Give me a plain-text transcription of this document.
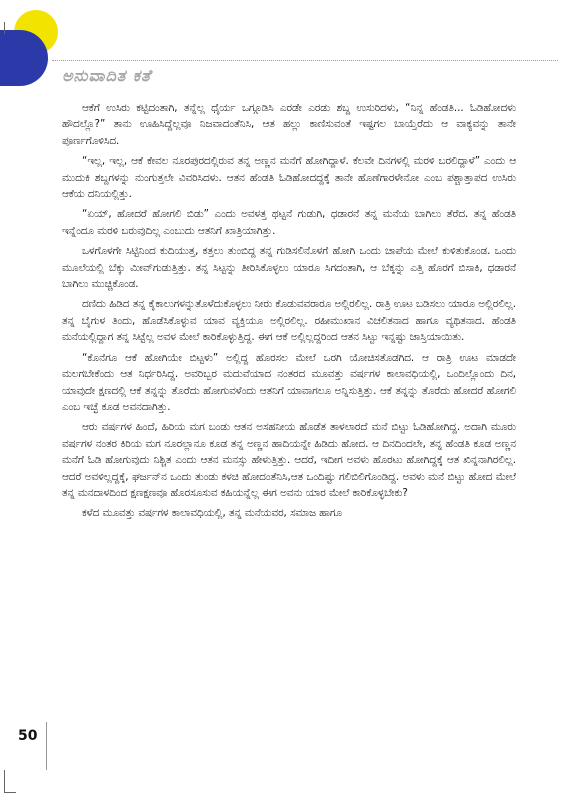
ಅನುವಾದಿತ ಕತೆ

ಆಕೆಗೆ ಉಸಿರು ಕಟ್ಟಿದಂತಾಗಿ, ತನ್ನೆಲ್ಲ ಧೈರ್ಯ ಒಗ್ಗೂಡಿಸಿ ಎರಡೇ ಎರಡು ಶಬ್ದ ಉಸುರಿದಳು, “ನಿನ್ನ ಹೆಂಡತಿ... ಓಡಿಹೋದಳು ಹೌದಲ್ಲೊ?” ತಾನು ಊಹಿಸಿದ್ದೆಲ್ಲವೂ ನಿಜವಾದಂತೆನಿಸಿ, ಆತ ಹಲ್ಲು ಕಾಣಿಸುವಂತೆ ಇಷ್ಟಗಲ ಬಾಯ್ತೆರೆದು ಆ ವಾಕ್ಯವನ್ನು ತಾನೇ ಪೂರ್ಣಗೊಳಿಸಿದ.

“ಇಲ್ಲ, ಇಲ್ಲ, ಆಕೆ ಕೇವಲ ನೂರಪುರದಲ್ಲಿರುವ ತನ್ನ ಅಣ್ಣನ ಮನೆಗೆ ಹೋಗಿದ್ದಾಳೆ. ಕೆಲವೇ ದಿನಗಳಲ್ಲಿ ಮರಳಿ ಬರಲಿದ್ದಾಳೆ” ಎಂದು ಆ ಮುದುಕಿ ಶಬ್ದಗಳನ್ನು ನುಂಗುತ್ತಲೇ ವಿವರಿಸಿದಳು. ಆತನ ಹೆಂಡತಿ ಓಡಿಹೋದದ್ದಕ್ಕೆ ತಾನೇ ಹೊಣೆಗಾರಳೇನೋ ಎಂಬ ಪಶ್ಚಾತ್ತಾಪದ ಉಸಿರು ಆಕೆಯ ದನಿಯಲ್ಲಿತ್ತು.

“ಏಯ್, ಹೋದರೆ ಹೋಗಲಿ ಬಿಡು” ಎಂದು ಅವಳತ್ತ ಥಟ್ಟನೆ ಗುಡುಗಿ, ಧಡಾರನೆ ತನ್ನ ಮನೆಯ ಬಾಗಿಲು ತೆರೆದ. ತನ್ನ ಹೆಂಡತಿ ಇನ್ನೆಂದೂ ಮರಳಿ ಬರುವುದಿಲ್ಲ ಎಂಬುದು ಆತನಿಗೆ ಖಾತ್ರಿಯಾಗಿತ್ತು.

ಒಳಗೊಳಗೇ ಸಿಟ್ಟಿನಿಂದ ಕುದಿಯುತ್ತ, ಕತ್ತಲು ತುಂಬಿದ್ದ ತನ್ನ ಗುಡಿಸಲಿನೊಳಗೆ ಹೋಗಿ ಒಂದು ಚಾಪೆಯ ಮೇಲೆ ಕುಳಿತುಕೊಂಡ. ಒಂದು ಮೂಲೆಯಲ್ಲಿ ಬೆಕ್ಕು ಮೀವ್‌ಗುಡುತ್ತಿತ್ತು. ತನ್ನ ಸಿಟ್ಟನ್ನು ತೀರಿಸಿಕೊಳ್ಳಲು ಯಾರೂ ಸಿಗದಂತಾಗಿ, ಆ ಬೆಕ್ಕನ್ನು ಎತ್ತಿ ಹೊರಗೆ ಬಿಸಾಕಿ, ಧಡಾರನೆ ಬಾಗಿಲು ಮುಚ್ಚಿಕೊಂಡ.

ದಣಿದು ಹಿಡಿದ ತನ್ನ ಕೈಕಾಲುಗಳನ್ನುತೊಳೆದುಕೊಳ್ಳಲು ನೀರು ಕೊಡುವವರಾರೂ ಅಲ್ಲಿರಲಿಲ್ಲ. ರಾತ್ರಿ ಊಟ ಬಡಿಸಲು ಯಾರೂ ಅಲ್ಲಿರಲಿಲ್ಲ. ತನ್ನ ಬೈಗುಳ ತಿಂದು, ಹೊಡೆಸಿಕೊಳ್ಳುವ ಯಾವ ವ್ಯಕ್ತಿಯೂ ಅಲ್ಲಿರಲಿಲ್ಲ. ರಹೀಮುಖಾನ ವಿಚಲಿತನಾದ ಹಾಗೂ ವ್ಯಥಿತನಾದ. ಹೆಂಡತಿ ಮನೆಯಲ್ಲಿದ್ದಾಗ ತನ್ನ ಸಿಟ್ಟೆಲ್ಲ ಅವಳ ಮೇಲೆ ಕಾರಿಕೊಳ್ಳುತ್ತಿದ್ದ. ಈಗ ಆಕೆ ಅಲ್ಲಿಲ್ಲದ್ದರಿಂದ ಆತನ ಸಿಟ್ಟು ಇನ್ನಷ್ಟು ಜಾಸ್ತಿಯಾಯಿತು.

“ಕೊನೆಗೂ ಆಕೆ ಹೋಗಿಯೇ ಬಿಟ್ಟಳು” ಅಲ್ಲಿದ್ದ ಹೊರಸಲ ಮೇಲೆ ಒರಗಿ ಯೋಚಿಸತೊಡಗಿದ. ಆ ರಾತ್ರಿ ಊಟ ಮಾಡದೇ ಮಲಗಬೇಕೆಂದು ಆತ ನಿರ್ಧರಿಸಿದ್ದ. ಅವರಿಬ್ಬರ ಮದುವೆಯಾದ ನಂತರದ ಮೂವತ್ತು ವರ್ಷಗಳ ಕಾಲಾವಧಿಯಲ್ಲಿ, ಒಂದಿಲ್ಲೊಂದು ದಿನ, ಯಾವುದೇ ಕ್ಷಣದಲ್ಲಿ ಆಕೆ ತನ್ನನ್ನು ತೊರೆದು ಹೋಗುವಳೆಂದು ಆತನಿಗೆ ಯಾವಾಗಲೂ ಅನ್ನಿಸುತ್ತಿತ್ತು. ಆಕೆ ತನ್ನನ್ನು ತೊರೆದು ಹೋದರೆ ಹೋಗಲಿ ಎಂಬ ಇಚ್ಛೆ ಕೂಡ ಅವನದಾಗಿತ್ತು.

ಆರು ವರ್ಷಗಳ ಹಿಂದೆ, ಹಿರಿಯ ಮಗ ಬಂಡು ಆತನ ಅಸಹನೀಯ ಹೊಡೆತ ತಾಳಲಾರದೆ ಮನೆ ಬಿಟ್ಟು ಓಡಿಹೋಗಿದ್ದ. ಅದಾಗಿ ಮೂರು ವರ್ಷಗಳ ನಂತರ ಕಿರಿಯ ಮಗ ನೂರಲ್ಲಾನೂ ಕೂಡ ತನ್ನ ಅಣ್ಣನ ಹಾದಿಯನ್ನೇ ಹಿಡಿದು ಹೋದ. ಆ ದಿನದಿಂದಲೇ, ತನ್ನ ಹೆಂಡತಿ ಕೂಡ ಅಣ್ಣನ ಮನೆಗೆ ಓಡಿ ಹೋಗುವುದು ನಿಶ್ಚಿತ ಎಂದು ಆತನ ಮನಸ್ಸು ಹೇಳುತ್ತಿತ್ತು. ಆದರೆ, ಇದೀಗ ಅವಳು ಹೊರಟು ಹೋಗಿದ್ದಕ್ಕೆ ಆತ ಖಿನ್ನನಾಗಿರಲಿಲ್ಲ. ಆದರೆ ಅವಳಿಲ್ಲದ್ದಕ್ಕೆ, ಘರ್ಜನ್‌ನ ಒಂದು ತುಂಡು ಕಳಚಿ ಹೋದಂತೆನಿಸಿ,ಆತ ಒಂದಿಷ್ಟು ಗಲಿಬಿಲಿಗೊಂಡಿದ್ದ. ಅವಳು ಮನೆ ಬಿಟ್ಟು ಹೋದ ಮೇಲೆ ತನ್ನ ಮನದಾಳದಿಂದ ಕ್ಷಣಕ್ಷಣವೂ ಹೊರಸೂಸುವ ಕಹಿಯನ್ನೆಲ್ಲ ಈಗ ಅವನು ಯಾರ ಮೇಲೆ ಕಾರಿಕೊಳ್ಳಬೇಕು?

ಕಳೆದ ಮೂವತ್ತು ವರ್ಷಗಳ ಕಾಲಾವಧಿಯಲ್ಲಿ, ತನ್ನ ಮನೆಯವರ, ಸಮಾಜ ಹಾಗೂ

50
